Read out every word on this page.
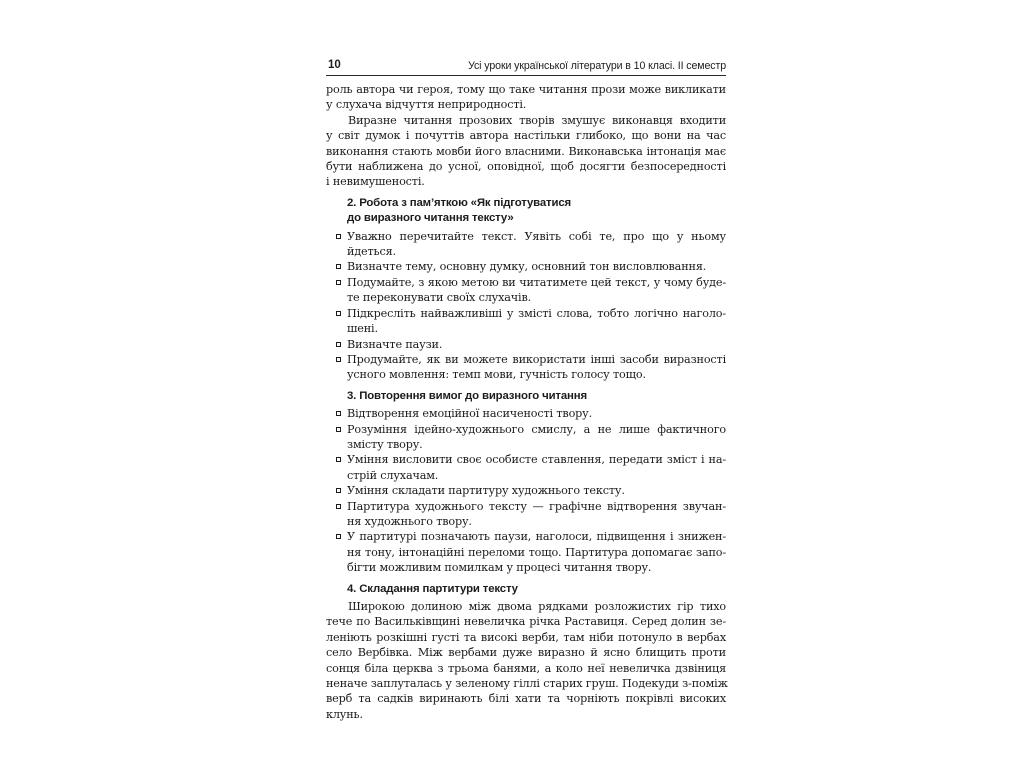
10	Усі уроки української літератури в 10 класі. ІІ семестр

роль автора чи героя, тому що таке читання прози може викликати
у слухача відчуття неприродності.

Виразне читання прозових творів змушує виконавця входити
у світ думок і почуттів автора настільки глибоко, що вони на час
виконання стають мовби його власними. Виконавська інтонація має
бути наближена до усної, оповідної, щоб досягти безпосередності
і невимушеності.

2. Робота з пам’яткою «Як підготуватися
до виразного читання тексту»
Уважно перечитайте текст. Уявіть собі те, про що у ньому
йдеться.
Визначте тему, основну думку, основний тон висловлювання.
Подумайте, з якою метою ви читатимете цей текст, у чому буде-
те переконувати своїх слухачів.
Підкресліть найважливіші у змісті слова, тобто логічно наголо-
шені.
Визначте паузи.
Продумайте, як ви можете використати інші засоби виразності
усного мовлення: темп мови, гучність голосу тощо.
3. Повторення вимог до виразного читання
Відтворення емоційної насиченості твору.
Розуміння ідейно-художнього смислу, а не лише фактичного
змісту твору.
Уміння висловити своє особисте ставлення, передати зміст і на-
стрій слухачам.
Уміння складати партитуру художнього тексту.
Партитура художнього тексту — графічне відтворення звучан-
ня художнього твору.
У партитурі позначають паузи, наголоси, підвищення і знижен-
ня тону, інтонаційні переломи тощо. Партитура допомагає запо-
бігти можливим помилкам у процесі читання твору.
4. Складання партитури тексту

Широкою долиною між двома рядками розложистих гір тихо
тече по Васильківщині невеличка річка Раставиця. Серед долин зе-
леніють розкішні густі та високі верби, там ніби потонуло в вербах
село Вербівка. Між вербами дуже виразно й ясно блищить проти
сонця біла церква з трьома банями, а коло неї невеличка дзвіниця
неначе заплуталась у зеленому гіллі старих груш. Подекуди з-поміж
верб та садків виринають білі хати та чорніють покрівлі високих
клунь.
